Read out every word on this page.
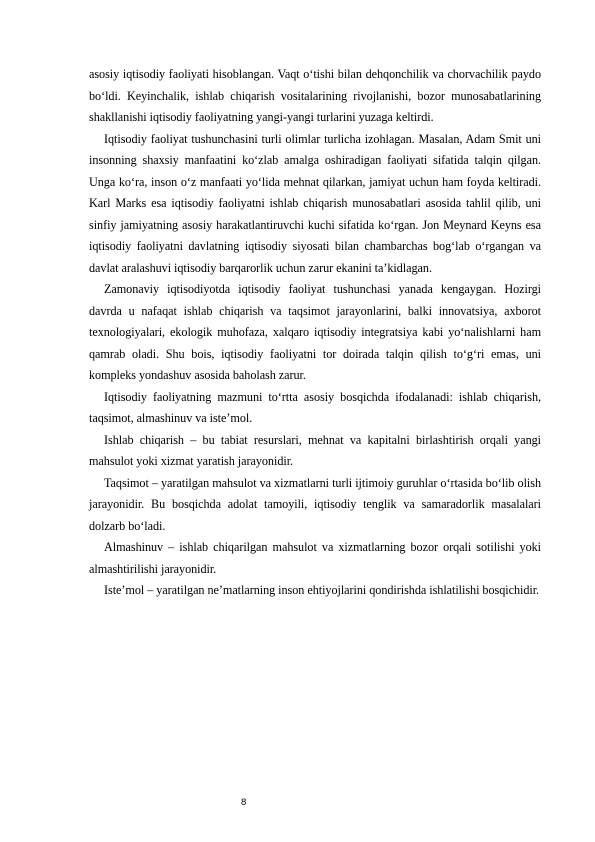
asosiy iqtisodiy faoliyati hisoblangan. Vaqt o‘tishi bilan dehqonchilik va chorvachilik paydo bo‘ldi. Keyinchalik, ishlab chiqarish vositalarining rivojlanishi, bozor munosabatlarining shakllanishi iqtisodiy faoliyatning yangi-yangi turlarini yuzaga keltirdi.

Iqtisodiy faoliyat tushunchasini turli olimlar turlicha izohlagan. Masalan, Adam Smit uni insonning shaxsiy manfaatini ko‘zlab amalga oshiradigan faoliyati sifatida talqin qilgan. Unga ko‘ra, inson o‘z manfaati yo‘lida mehnat qilarkan, jamiyat uchun ham foyda keltiradi. Karl Marks esa iqtisodiy faoliyatni ishlab chiqarish munosabatlari asosida tahlil qilib, uni sinfiy jamiyatning asosiy harakatlantiruvchi kuchi sifatida ko‘rgan. Jon Meynard Keyns esa iqtisodiy faoliyatni davlatning iqtisodiy siyosati bilan chambarchas bog‘lab o‘rgangan va davlat aralashuvi iqtisodiy barqarorlik uchun zarur ekanini ta’kidlagan.

Zamonaviy iqtisodiyotda iqtisodiy faoliyat tushunchasi yanada kengaygan. Hozirgi davrda u nafaqat ishlab chiqarish va taqsimot jarayonlarini, balki innovatsiya, axborot texnologiyalari, ekologik muhofaza, xalqaro iqtisodiy integratsiya kabi yo‘nalishlarni ham qamrab oladi. Shu bois, iqtisodiy faoliyatni tor doirada talqin qilish to‘g‘ri emas, uni kompleks yondashuv asosida baholash zarur.

Iqtisodiy faoliyatning mazmuni to‘rtta asosiy bosqichda ifodalanadi: ishlab chiqarish, taqsimot, almashinuv va iste’mol.

Ishlab chiqarish – bu tabiat resurslari, mehnat va kapitalni birlashtirish orqali yangi mahsulot yoki xizmat yaratish jarayonidir.

Taqsimot – yaratilgan mahsulot va xizmatlarni turli ijtimoiy guruhlar o‘rtasida bo‘lib olish jarayonidir. Bu bosqichda adolat tamoyili, iqtisodiy tenglik va samaradorlik masalalari dolzarb bo‘ladi.

Almashinuv – ishlab chiqarilgan mahsulot va xizmatlarning bozor orqali sotilishi yoki almashtirilishi jarayonidir.

Iste’mol – yaratilgan ne’matlarning inson ehtiyojlarini qondirishda ishlatilishi bosqichidir.

8
